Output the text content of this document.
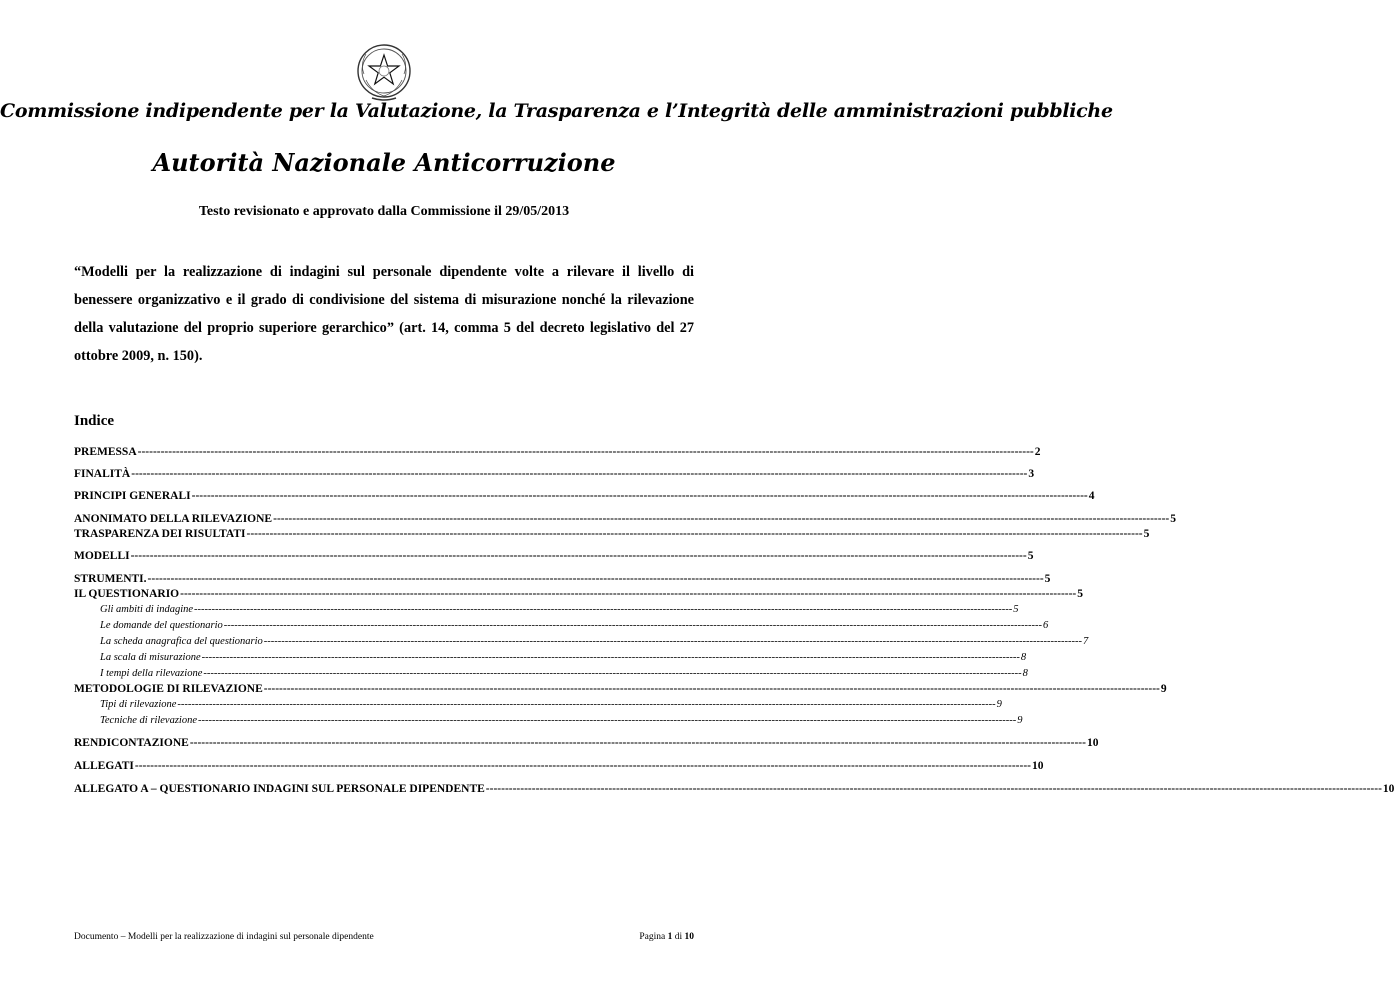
Commissione indipendente per la Valutazione, la Trasparenza e l’Integrità delle amministrazioni pubbliche
Autorità Nazionale Anticorruzione
Testo revisionato e approvato dalla Commissione il 29/05/2013
“Modelli per la realizzazione di indagini sul personale dipendente volte a rilevare il livello di benessere organizzativo e il grado di condivisione del sistema di misurazione nonché la rilevazione della valutazione del proprio superiore gerarchico” (art. 14, comma 5 del decreto legislativo del 27 ottobre 2009, n. 150).
Indice
PREMESSA -----	2
FINALITÀ -----	3
PRINCIPI GENERALI -----	4
ANONIMATO DELLA RILEVAZIONE -----	5
TRASPARENZA DEI RISULTATI -----	5
MODELLI -----	5
STRUMENTI. -----	5
IL QUESTIONARIO -----	5
Gli ambiti di indagine -----	5
Le domande del questionario -----	6
La scheda anagrafica del questionario -----	7
La scala di misurazione -----	8
I tempi della rilevazione -----	8
METODOLOGIE DI RILEVAZIONE -----	9
Tipi di rilevazione -----	9
Tecniche di rilevazione -----	9
RENDICONTAZIONE -----	10
ALLEGATI -----	10
ALLEGATO A – QUESTIONARIO INDAGINI SUL PERSONALE DIPENDENTE -----	10
Documento – Modelli per la realizzazione di indagini sul personale dipendente	Pagina 1 di 10
